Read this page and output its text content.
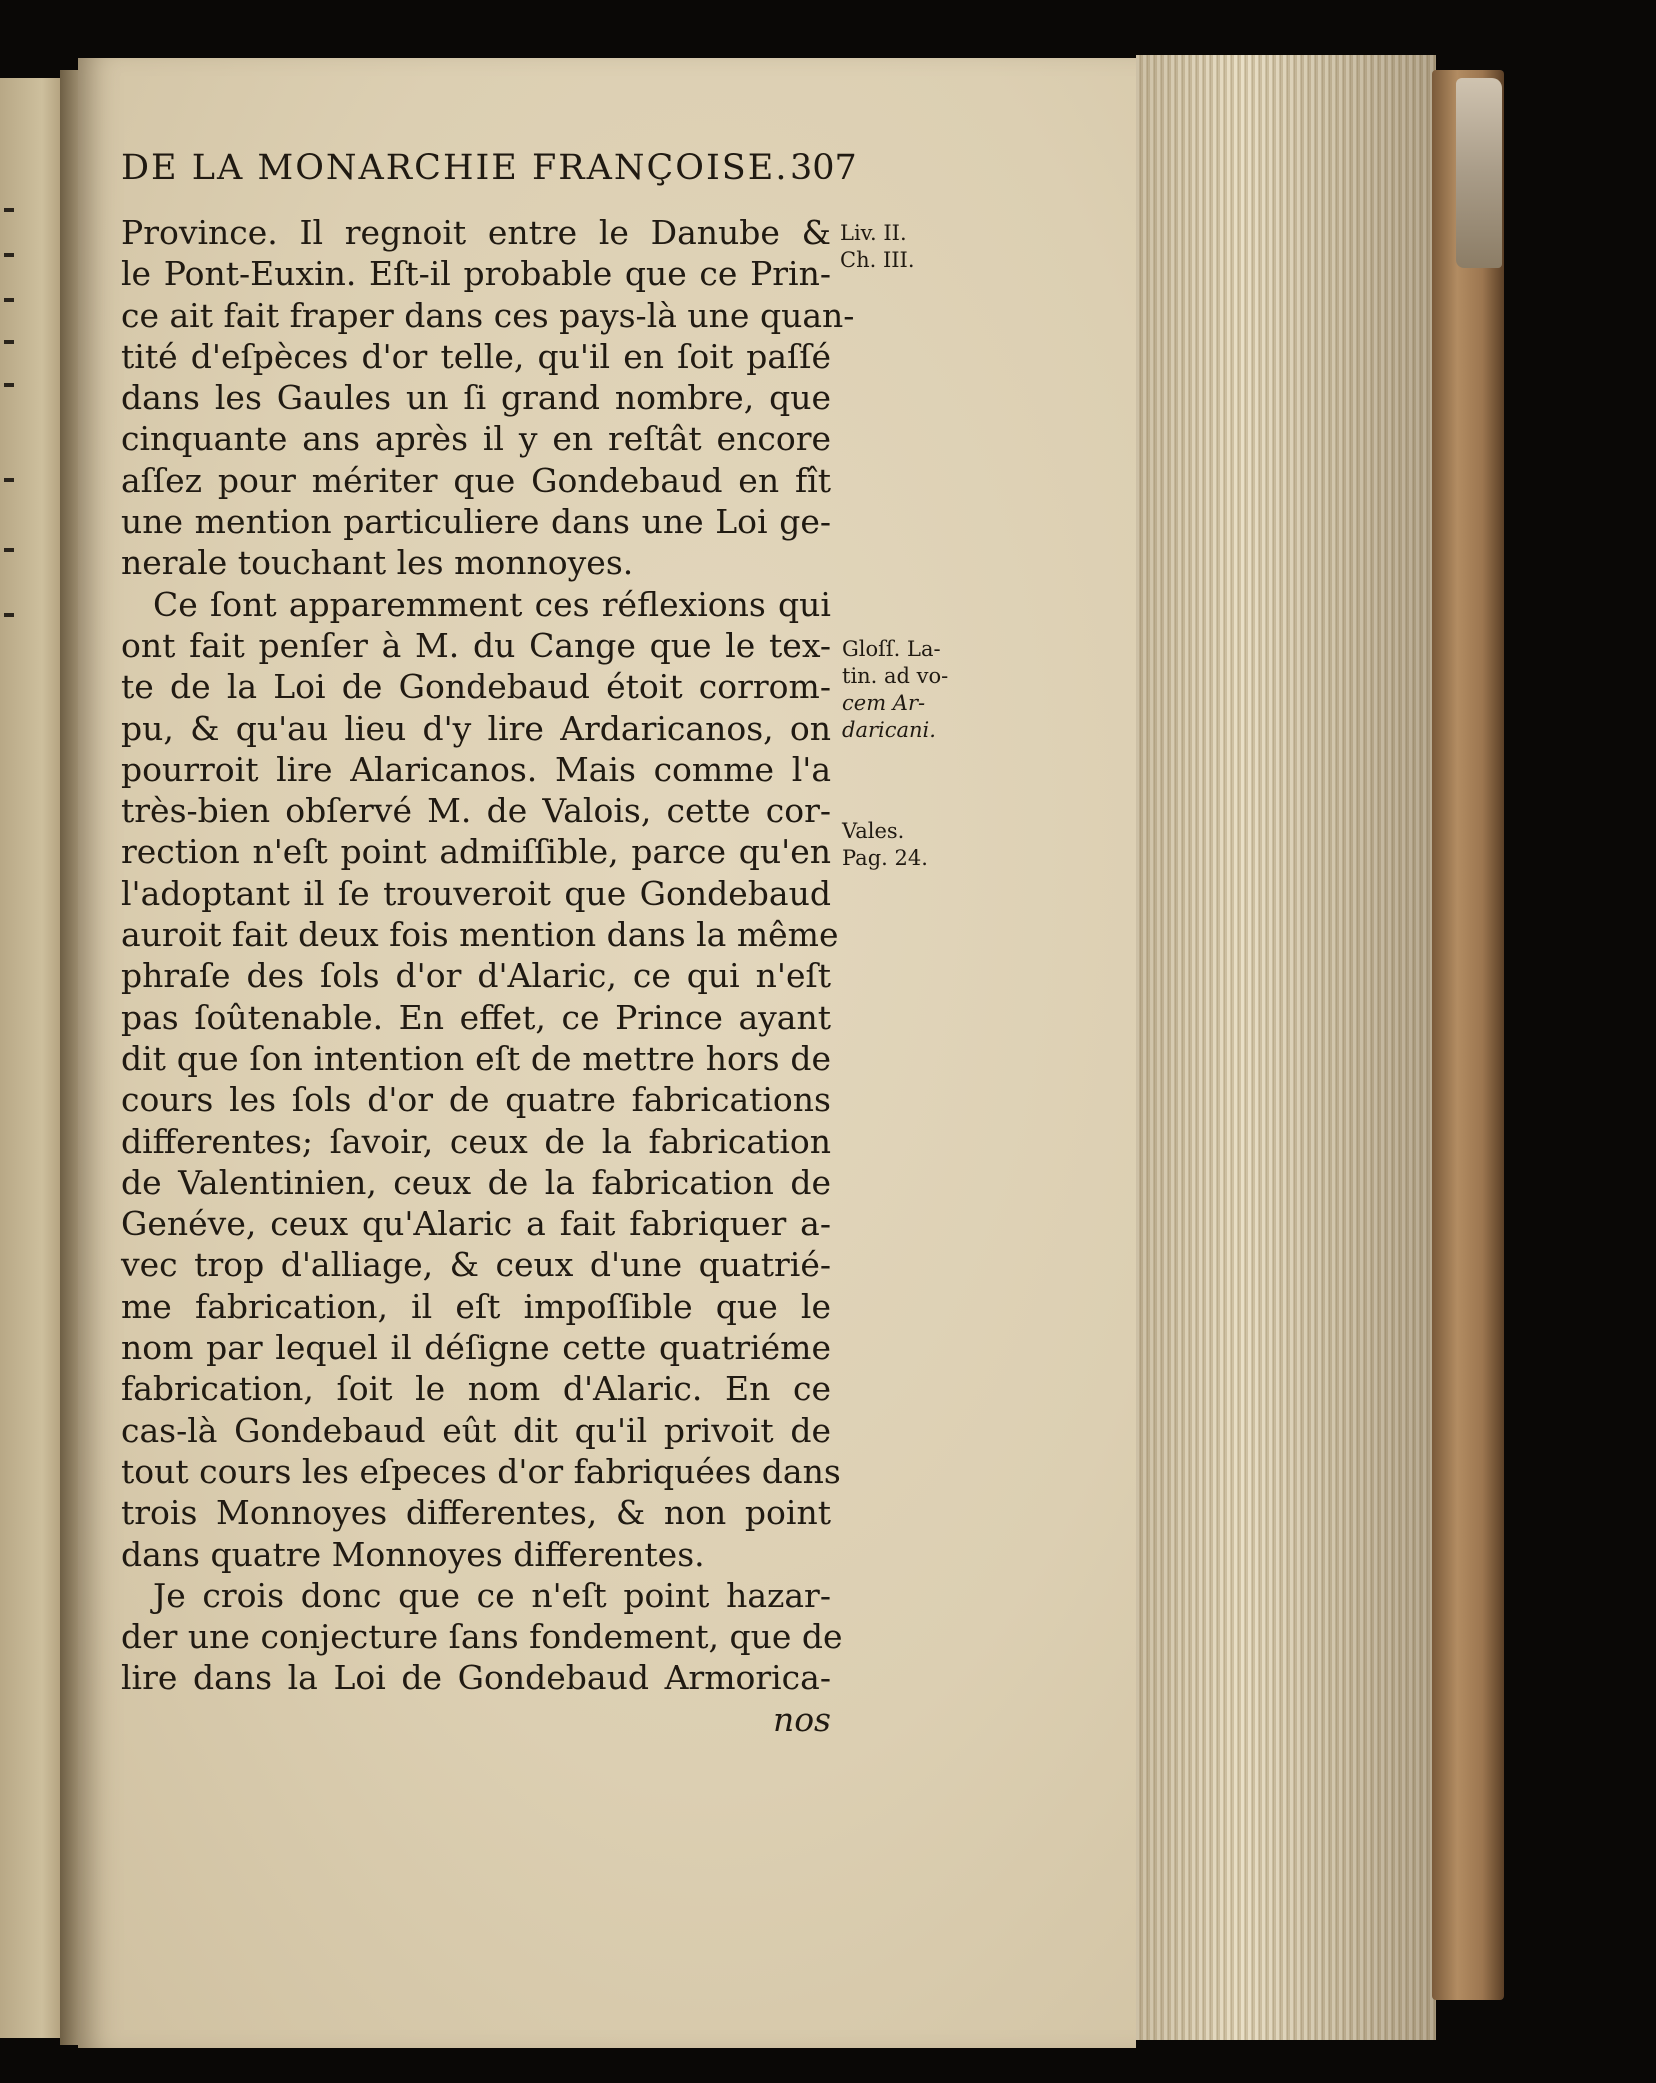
DE LA MONARCHIE FRANÇOISE. 307
Province. Il regnoit entre le Danube &
le Pont-Euxin. Eſt-il probable que ce Prin-
ce ait fait fraper dans ces pays-là une quan-
tité d'eſpèces d'or telle, qu'il en ſoit paſſé
dans les Gaules un ſi grand nombre, que
cinquante ans après il y en reſtât encore
aſſez pour mériter que Gondebaud en fît
une mention particuliere dans une Loi ge-
nerale touchant les monnoyes.
Ce ſont apparemment ces réflexions qui
ont fait penſer à M. du Cange que le tex-
te de la Loi de Gondebaud étoit corrom-
pu, & qu'au lieu d'y lire Ardaricanos, on
pourroit lire Alaricanos. Mais comme l'a
très-bien obſervé M. de Valois, cette cor-
rection n'eſt point admiſſible, parce qu'en
l'adoptant il ſe trouveroit que Gondebaud
auroit fait deux fois mention dans la même
phraſe des ſols d'or d'Alaric, ce qui n'eſt
pas ſoûtenable. En effet, ce Prince ayant
dit que ſon intention eſt de mettre hors de
cours les ſols d'or de quatre fabrications
differentes; ſavoir, ceux de la fabrication
de Valentinien, ceux de la fabrication de
Genéve, ceux qu'Alaric a fait fabriquer a-
vec trop d'alliage, & ceux d'une quatrié-
me fabrication, il eſt impoſſible que le
nom par lequel il déſigne cette quatriéme
fabrication, ſoit le nom d'Alaric. En ce
cas-là Gondebaud eût dit qu'il privoit de
tout cours les eſpeces d'or fabriquées dans
trois Monnoyes differentes, & non point
dans quatre Monnoyes differentes.
Je crois donc que ce n'eſt point hazar-
der une conjecture ſans fondement, que de
lire dans la Loi de Gondebaud Armorica-
nos
Liv. II.
Ch. III.
Gloſſ. La-
tin. ad vo-
cem Ar-
daricani.
Vales.
Pag. 24.
